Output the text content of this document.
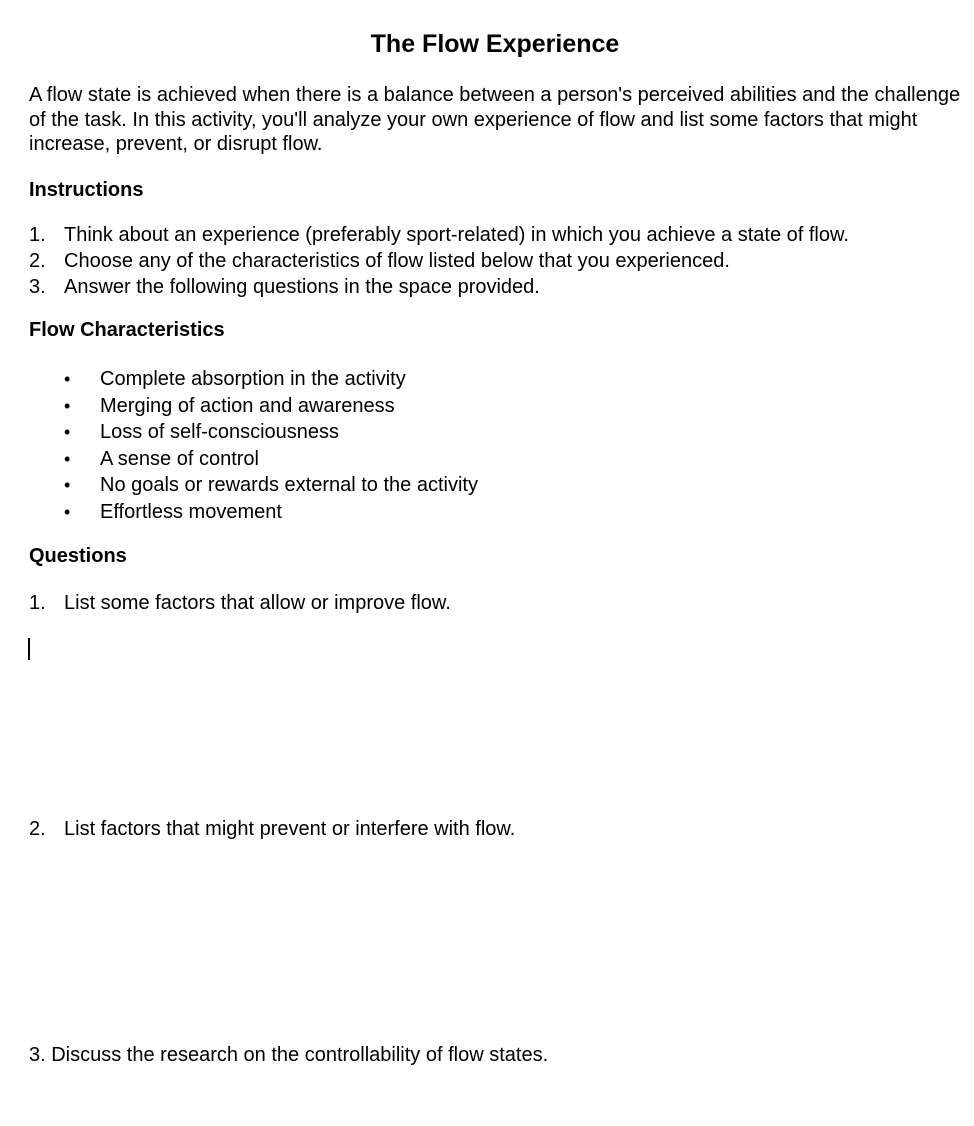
The Flow Experience
A flow state is achieved when there is a balance between a person's perceived abilities and the challenge of the task. In this activity, you'll analyze your own experience of flow and list some factors that might increase, prevent, or disrupt flow.
Instructions
1. Think about an experience (preferably sport-related) in which you achieve a state of flow.
2. Choose any of the characteristics of flow listed below that you experienced.
3. Answer the following questions in the space provided.
Flow Characteristics
• Complete absorption in the activity
• Merging of action and awareness
• Loss of self-consciousness
• A sense of control
• No goals or rewards external to the activity
• Effortless movement
Questions
1. List some factors that allow or improve flow.
2. List factors that might prevent or interfere with flow.
3. Discuss the research on the controllability of flow states.
